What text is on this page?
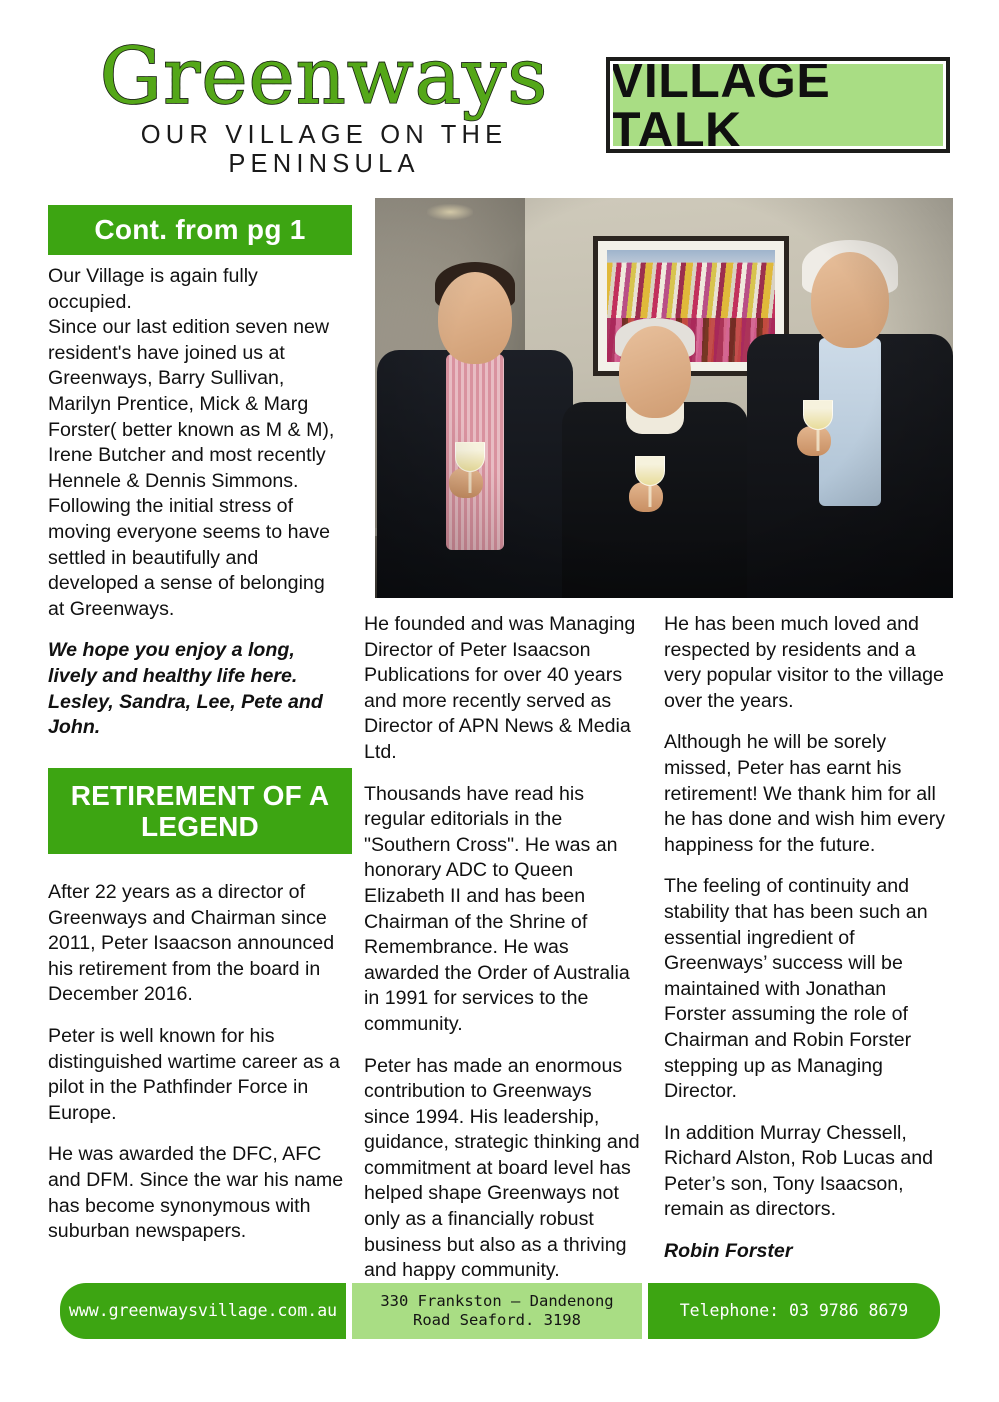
Greenways
OUR VILLAGE ON THE PENINSULA
VILLAGE TALK
Cont. from pg 1
RETIREMENT OF A LEGEND

Our Village is again fully occupied.

Since our last edition seven new resident's have joined us at Greenways, Barry Sullivan, Marilyn Prentice, Mick & Marg Forster( better known as M & M), Irene Butcher and most recently Hennele & Dennis Simmons. Following the initial stress of moving everyone seems to have settled in beautifully and developed a sense of belonging at Greenways.

We hope you enjoy a long, lively and healthy life here. Lesley, Sandra, Lee, Pete and John.

After 22 years as a director of Greenways and Chairman since 2011, Peter Isaacson announced his retirement from the board in December 2016.

Peter is well known for his distinguished wartime career as a pilot in the Pathfinder Force in Europe.

He was awarded the DFC, AFC and DFM. Since the war his name has become synonymous with suburban newspapers.

He founded and was Managing Director of Peter Isaacson Publications for over 40 years and more recently served as Director of APN News & Media Ltd.

Thousands have read his regular editorials in the "Southern Cross". He was an honorary ADC to Queen Elizabeth II and has been Chairman of the Shrine of Remembrance. He was awarded the Order of Australia in 1991 for services to the community.

Peter has made an enormous contribution to Greenways since 1994. His leadership, guidance, strategic thinking and commitment at board level has helped shape Greenways not only as a financially robust business but also as a thriving and happy community.

He has been much loved and respected by residents and a very popular visitor to the village over the years.

Although he will be sorely missed, Peter has earnt his retirement! We thank him for all he has done and wish him every happiness for the future.

The feeling of continuity and stability that has been such an essential ingredient of Greenways’ success will be maintained with Jonathan Forster assuming the role of Chairman and Robin Forster stepping up as Managing Director.

In addition Murray Chessell, Richard Alston, Rob Lucas and Peter’s son, Tony Isaacson, remain as directors.

Robin Forster

www.greenwaysvillage.com.au	330 Frankston – Dandenong Road Seaford. 3198
Telephone: 03 9786 8679
